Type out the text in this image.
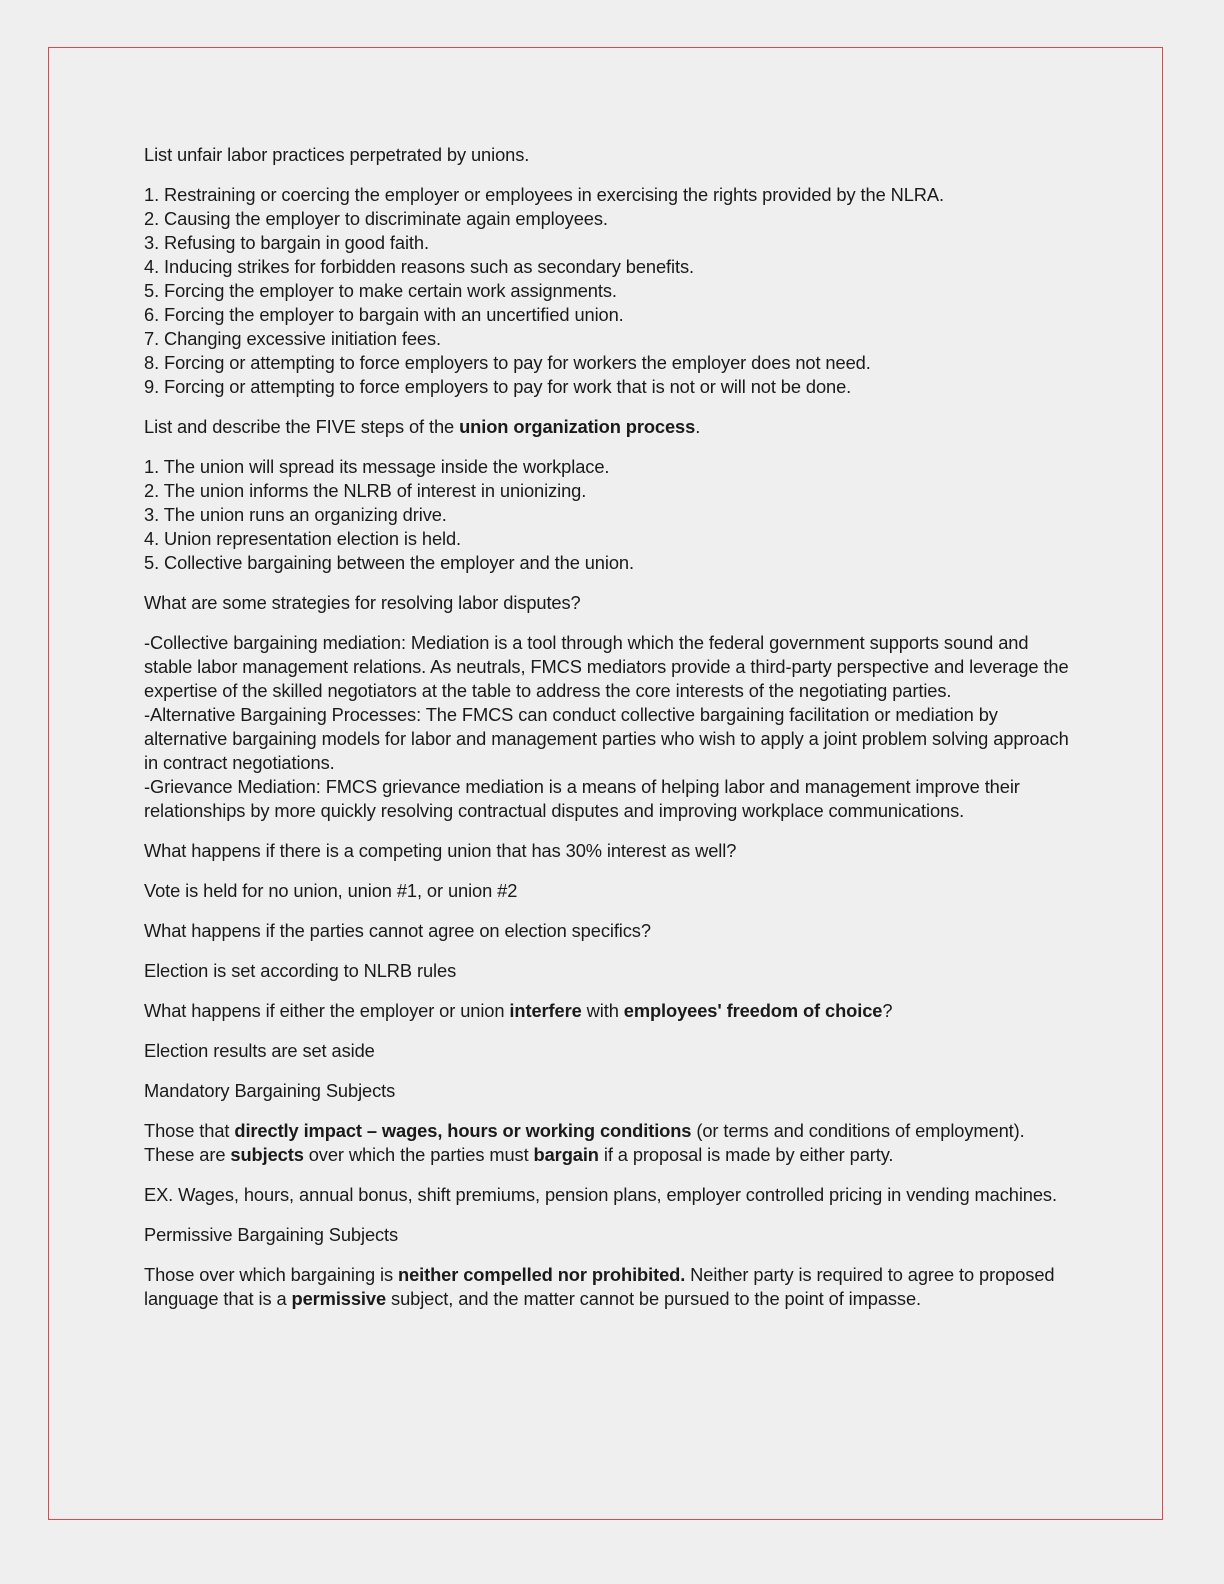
List unfair labor practices perpetrated by unions.

1. Restraining or coercing the employer or employees in exercising the rights provided by the NLRA.
2. Causing the employer to discriminate again employees.
3. Refusing to bargain in good faith.
4. Inducing strikes for forbidden reasons such as secondary benefits.
5. Forcing the employer to make certain work assignments.
6. Forcing the employer to bargain with an uncertified union.
7. Changing excessive initiation fees.
8. Forcing or attempting to force employers to pay for workers the employer does not need.
9. Forcing or attempting to force employers to pay for work that is not or will not be done.

List and describe the FIVE steps of the union organization process.

1. The union will spread its message inside the workplace.
2. The union informs the NLRB of interest in unionizing.
3. The union runs an organizing drive.
4. Union representation election is held.
5. Collective bargaining between the employer and the union.

What are some strategies for resolving labor disputes?

-Collective bargaining mediation: Mediation is a tool through which the federal government supports sound and stable labor management relations. As neutrals, FMCS mediators provide a third-party perspective and leverage the expertise of the skilled negotiators at the table to address the core interests of the negotiating parties.
-Alternative Bargaining Processes: The FMCS can conduct collective bargaining facilitation or mediation by alternative bargaining models for labor and management parties who wish to apply a joint problem solving approach in contract negotiations.
-Grievance Mediation: FMCS grievance mediation is a means of helping labor and management improve their relationships by more quickly resolving contractual disputes and improving workplace communications.

What happens if there is a competing union that has 30% interest as well?

Vote is held for no union, union #1, or union #2

What happens if the parties cannot agree on election specifics?

Election is set according to NLRB rules

What happens if either the employer or union interfere with employees' freedom of choice?

Election results are set aside

Mandatory Bargaining Subjects

Those that directly impact – wages, hours or working conditions (or terms and conditions of employment). These are subjects over which the parties must bargain if a proposal is made by either party.

EX. Wages, hours, annual bonus, shift premiums, pension plans, employer controlled pricing in vending machines.

Permissive Bargaining Subjects

Those over which bargaining is neither compelled nor prohibited. Neither party is required to agree to proposed language that is a permissive subject, and the matter cannot be pursued to the point of impasse.
